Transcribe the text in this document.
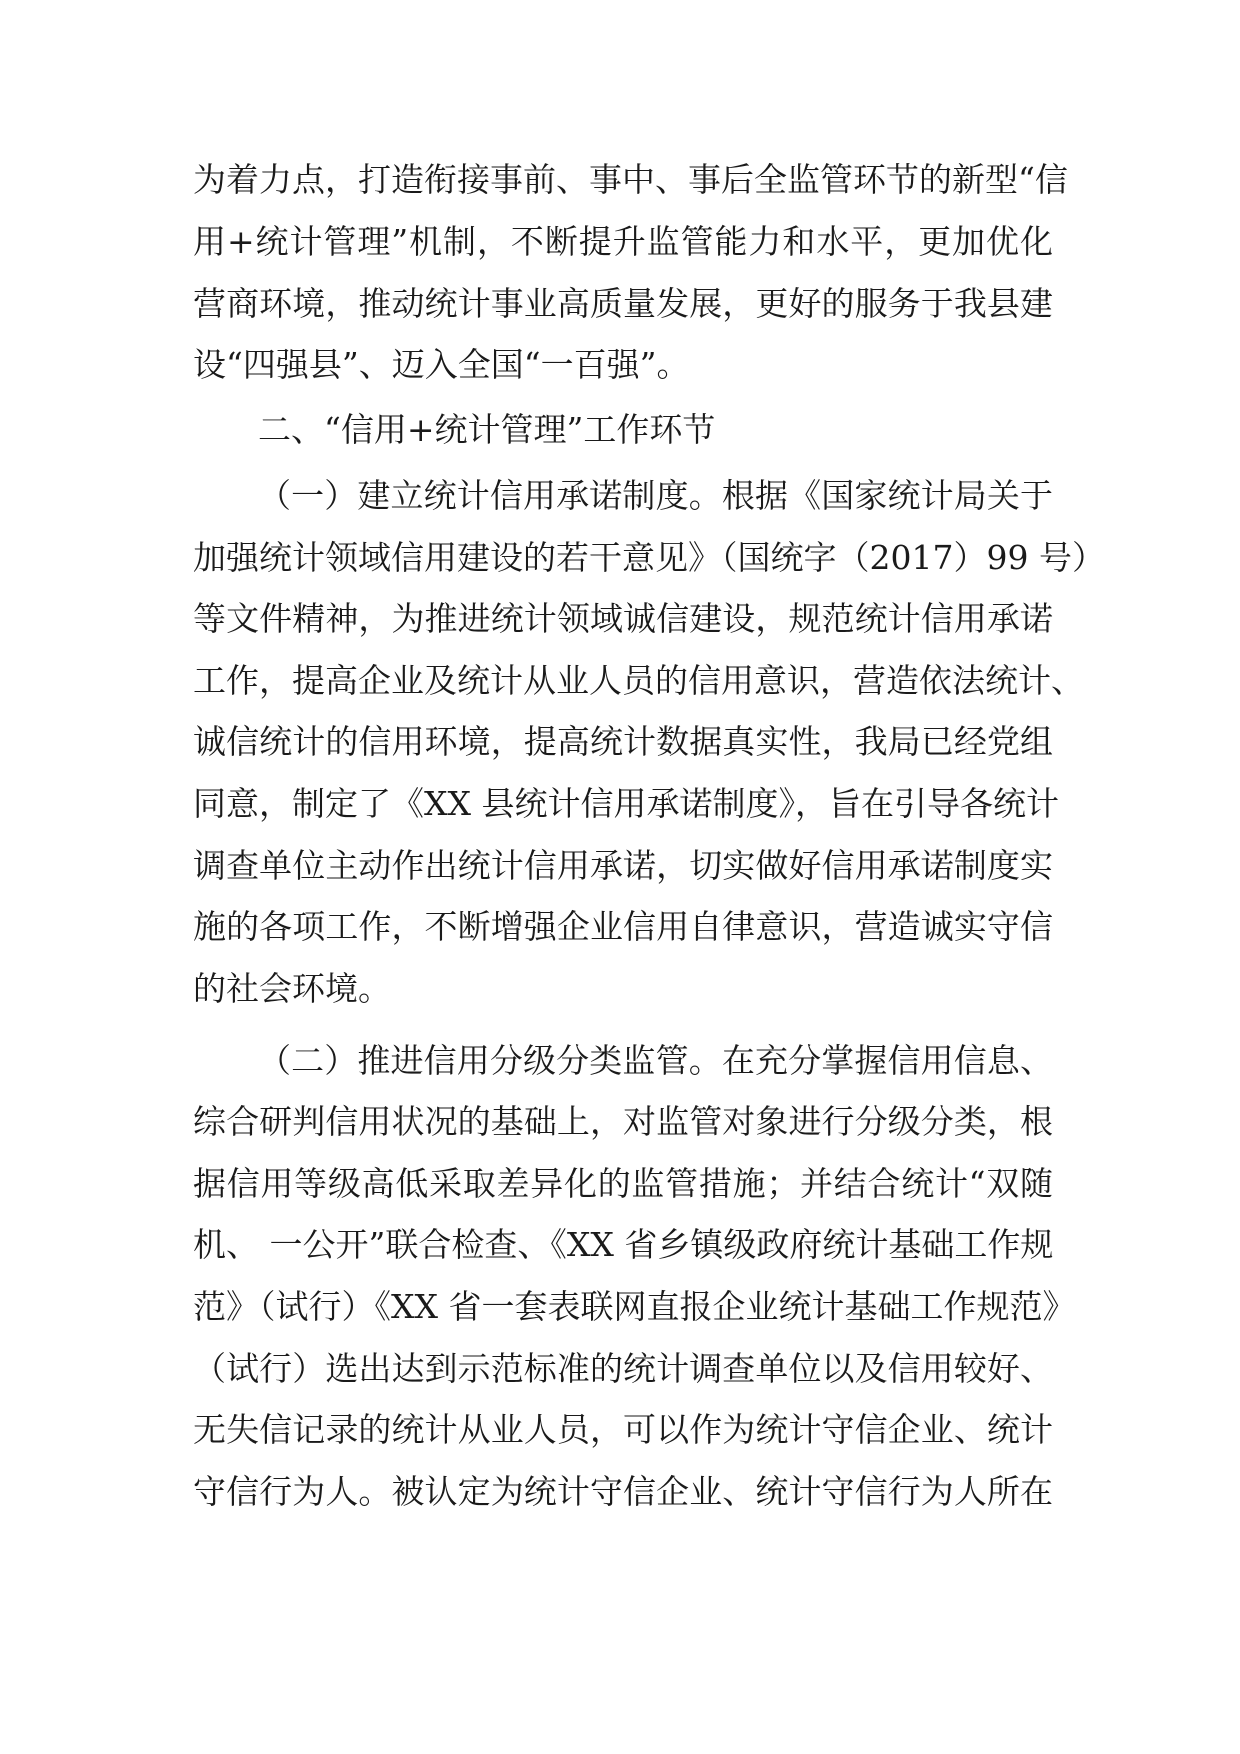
为着力点，打造衔接事前、事中、事后全监管环节的新型“信
用+统计管理”机制，不断提升监管能力和水平，更加优化
营商环境，推动统计事业高质量发展，更好的服务于我县建
设“四强县”、迈入全国“一百强”。
二、“信用+统计管理”工作环节
（一）建立统计信用承诺制度。根据《国家统计局关于
加强统计领域信用建设的若干意见》（国统字（2017）99 号）
等文件精神，为推进统计领域诚信建设，规范统计信用承诺
工作，提高企业及统计从业人员的信用意识，营造依法统计、
诚信统计的信用环境，提高统计数据真实性，我局已经党组
同意，制定了《XX 县统计信用承诺制度》，旨在引导各统计
调查单位主动作出统计信用承诺，切实做好信用承诺制度实
施的各项工作，不断增强企业信用自律意识，营造诚实守信
的社会环境。
（二）推进信用分级分类监管。在充分掌握信用信息、
综合研判信用状况的基础上，对监管对象进行分级分类，根
据信用等级高低采取差异化的监管措施；并结合统计“双随
机、 一公开”联合检查、《XX 省乡镇级政府统计基础工作规
范》（试行）《XX 省一套表联网直报企业统计基础工作规范》
（试行）选出达到示范标准的统计调查单位以及信用较好、
无失信记录的统计从业人员，可以作为统计守信企业、统计
守信行为人。被认定为统计守信企业、统计守信行为人所在
